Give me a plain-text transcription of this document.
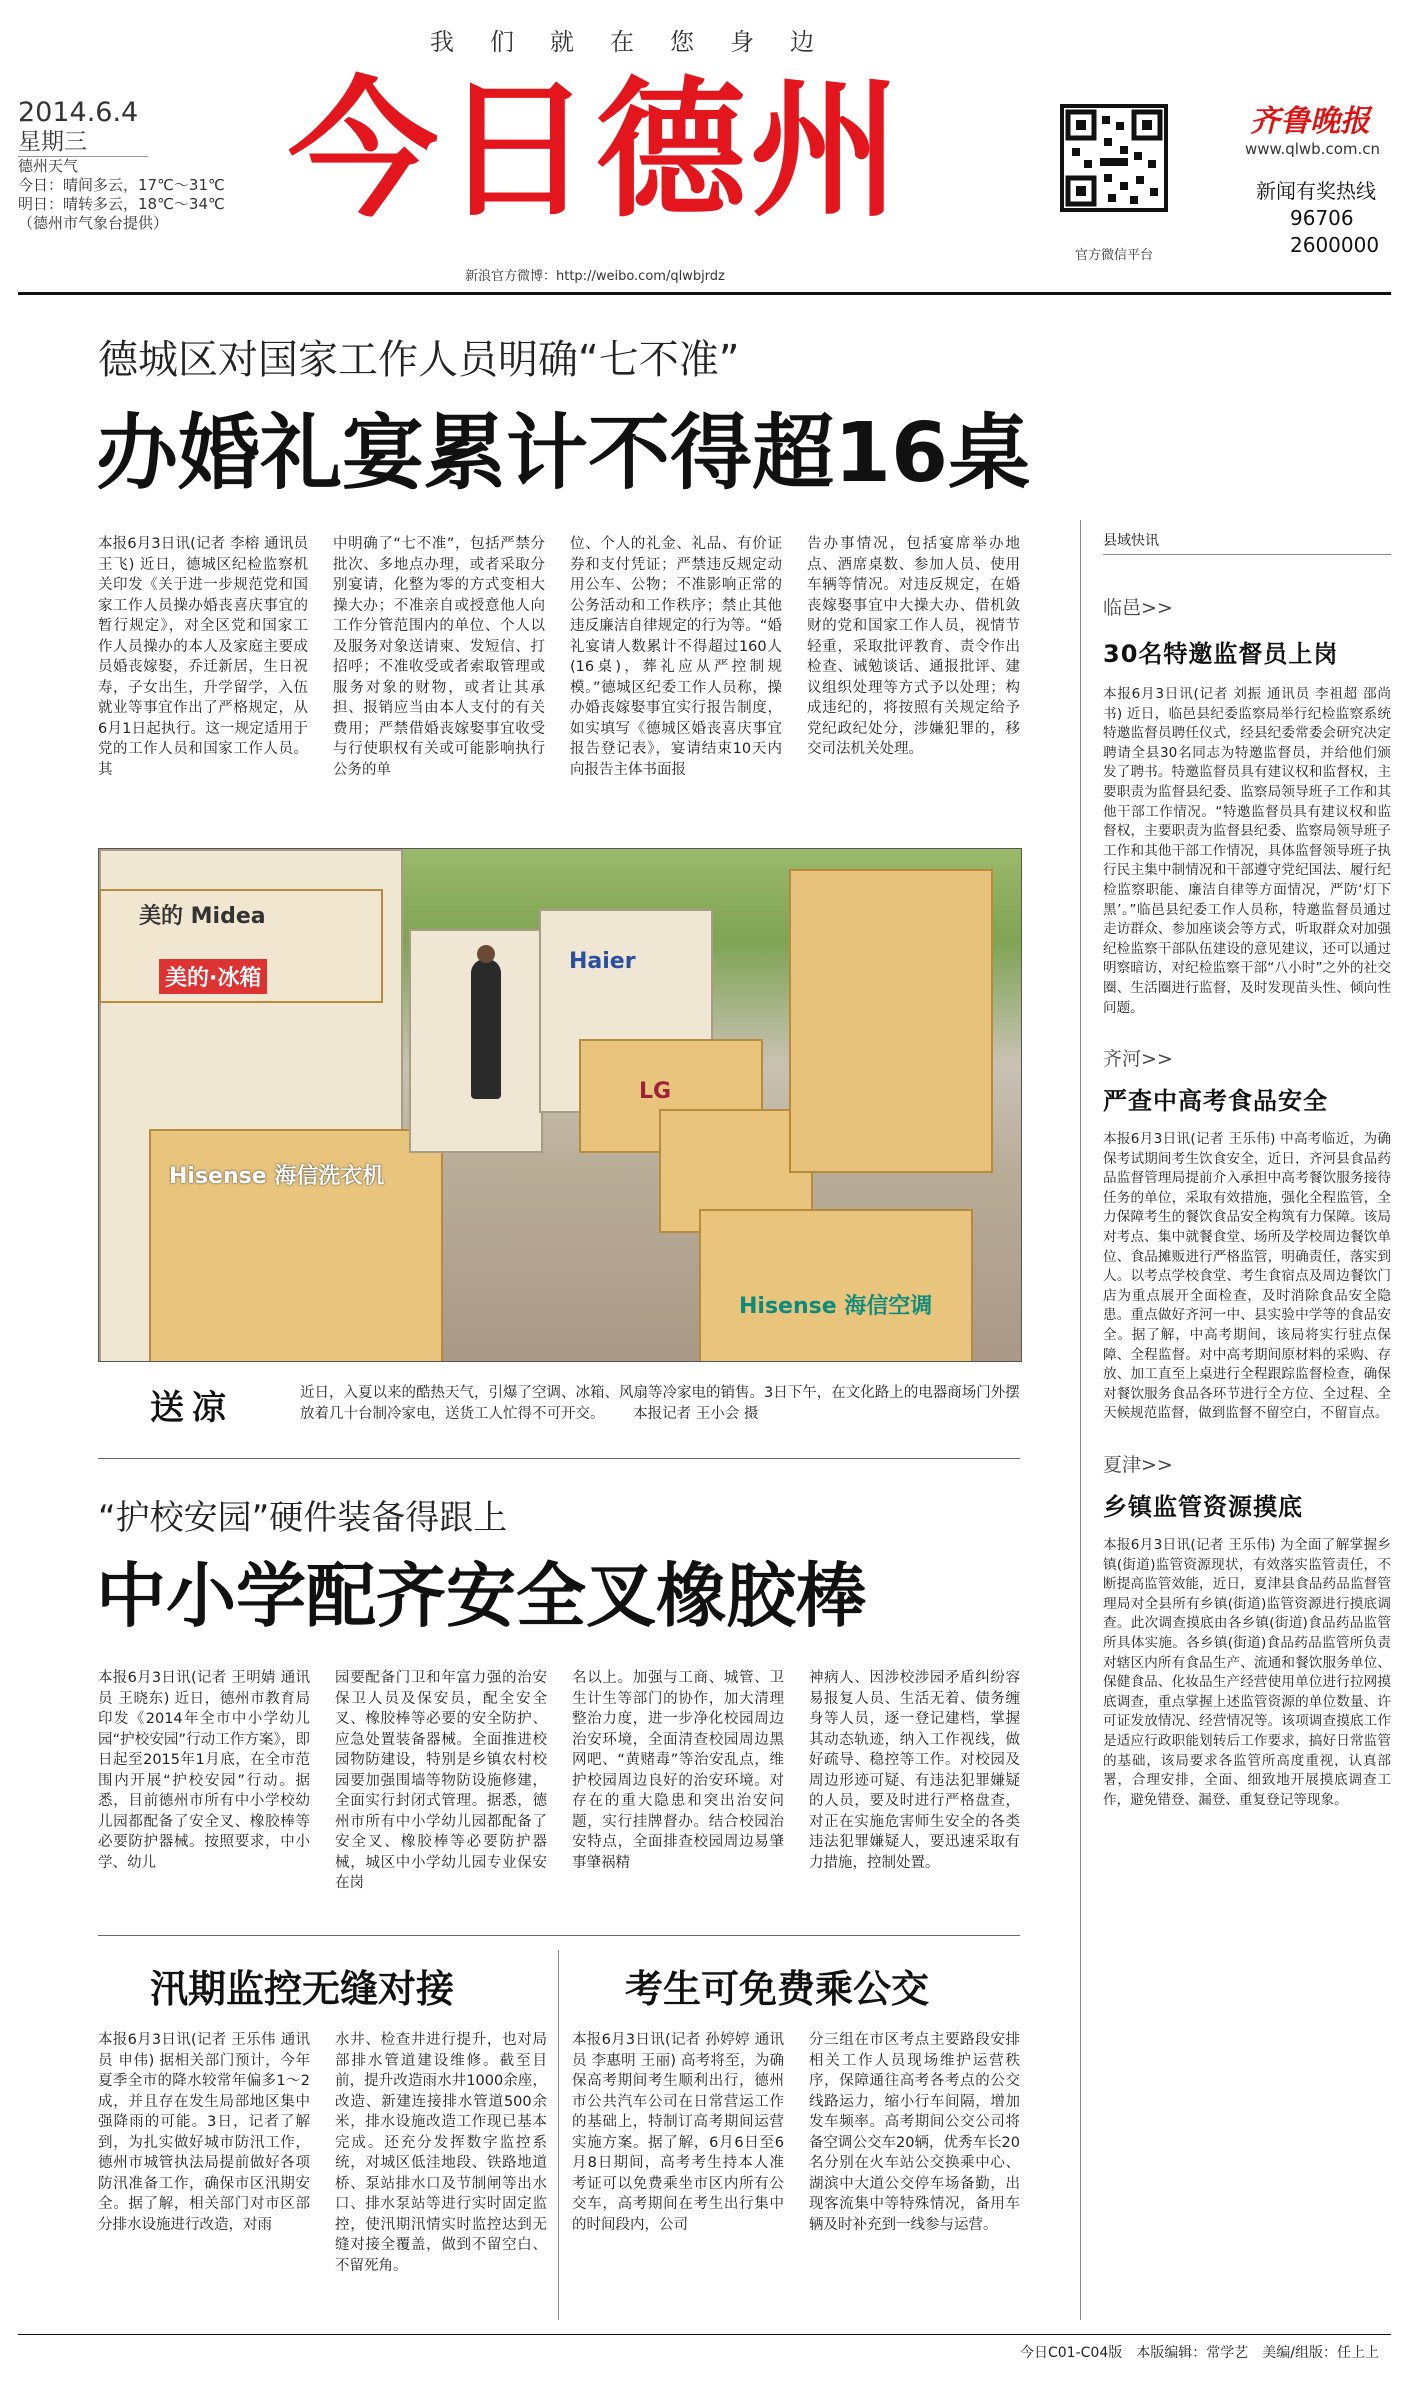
我们就在您身边
2014.6.4
星期三
德州天气
今日：晴间多云，17℃～31℃
明日：晴转多云，18℃～34℃
（德州市气象台提供） 今日德州
新浪官方微博：http://weibo.com/qlwbjrdz
官方微信平台
齐鲁晚报
www.qlwb.com.cn
新闻有奖热线
96706
2600000
德城区对国家工作人员明确“七不准”
办婚礼宴累计不得超16桌
本报6月3日讯(记者 李榕 通讯员 王飞) 近日，德城区纪检监察机关印发《关于进一步规范党和国家工作人员操办婚丧喜庆事宜的暂行规定》，对全区党和国家工作人员操办的本人及家庭主要成员婚丧嫁娶，乔迁新居，生日祝寿，子女出生，升学留学，入伍就业等事宜作出了严格规定，从6月1日起执行。这一规定适用于党的工作人员和国家工作人员。其
中明确了“七不准”，包括严禁分批次、多地点办理，或者采取分别宴请，化整为零的方式变相大操大办；不准亲自或授意他人向工作分管范围内的单位、个人以及服务对象送请柬、发短信、打招呼；不准收受或者索取管理或服务对象的财物，或者让其承担、报销应当由本人支付的有关费用；严禁借婚丧嫁娶事宜收受与行使职权有关或可能影响执行公务的单
位、个人的礼金、礼品、有价证券和支付凭证；严禁违反规定动用公车、公物；不准影响正常的公务活动和工作秩序；禁止其他违反廉洁自律规定的行为等。“婚礼宴请人数累计不得超过160人(16桌)，葬礼应从严控制规模。”德城区纪委工作人员称，操办婚丧嫁娶事宜实行报告制度，如实填写《德城区婚丧喜庆事宜报告登记表》，宴请结束10天内向报告主体书面报
告办事情况，包括宴席举办地点、酒席桌数、参加人员、使用车辆等情况。对违反规定，在婚丧嫁娶事宜中大操大办、借机敛财的党和国家工作人员，视情节轻重，采取批评教育、责令作出检查、诫勉谈话、通报批评、建议组织处理等方式予以处理；构成违纪的，将按照有关规定给予党纪政纪处分，涉嫌犯罪的，移交司法机关处理。
美的 Midea
美的·冰箱
Hisense 海信洗衣机
Haier
LG
Hisense 海信空调
送凉	近日，入夏以来的酷热天气，引爆了空调、冰箱、风扇等冷家电的销售。3日下午，在文化路上的电器商场门外摆放着几十台制冷家电，送货工人忙得不可开交。 本报记者 王小会 摄
“护校安园”硬件装备得跟上
中小学配齐安全叉橡胶棒
本报6月3日讯(记者 王明婧 通讯员 王晓东) 近日，德州市教育局印发《2014年全市中小学幼儿园“护校安园”行动工作方案》，即日起至2015年1月底，在全市范围内开展“护校安园”行动。据悉，目前德州市所有中小学校幼儿园都配备了安全叉、橡胶棒等必要防护器械。按照要求，中小学、幼儿
园要配备门卫和年富力强的治安保卫人员及保安员，配全安全叉、橡胶棒等必要的安全防护、应急处置装备器械。全面推进校园物防建设，特别是乡镇农村校园要加强围墙等物防设施修建，全面实行封闭式管理。据悉，德州市所有中小学幼儿园都配备了安全叉、橡胶棒等必要防护器械，城区中小学幼儿园专业保安在岗
名以上。加强与工商、城管、卫生计生等部门的协作，加大清理整治力度，进一步净化校园周边治安环境，全面清查校园周边黑网吧、“黄赌毒”等治安乱点，维护校园周边良好的治安环境。对存在的重大隐患和突出治安问题，实行挂牌督办。结合校园治安特点，全面排查校园周边易肇事肇祸精
神病人、因涉校涉园矛盾纠纷容易报复人员、生活无着、债务缠身等人员，逐一登记建档，掌握其动态轨迹，纳入工作视线，做好疏导、稳控等工作。对校园及周边形迹可疑、有违法犯罪嫌疑的人员，要及时进行严格盘查，对正在实施危害师生安全的各类违法犯罪嫌疑人，要迅速采取有力措施，控制处置。
汛期监控无缝对接
本报6月3日讯(记者 王乐伟 通讯员 申伟) 据相关部门预计，今年夏季全市的降水较常年偏多1～2成，并且存在发生局部地区集中强降雨的可能。3日，记者了解到，为扎实做好城市防汛工作，德州市城管执法局提前做好各项防汛准备工作，确保市区汛期安全。据了解，相关部门对市区部分排水设施进行改造，对雨
水井、检查井进行提升，也对局部排水管道建设维修。截至目前，提升改造雨水井1000余座，改造、新建连接排水管道500余米，排水设施改造工作现已基本完成。还充分发挥数字监控系统，对城区低洼地段、铁路地道桥、泵站排水口及节制闸等出水口、排水泵站等进行实时固定监控，使汛期汛情实时监控达到无缝对接全覆盖，做到不留空白、不留死角。
考生可免费乘公交
本报6月3日讯(记者 孙婷婷 通讯员 李惠明 王丽) 高考将至，为确保高考期间考生顺利出行，德州市公共汽车公司在日常营运工作的基础上，特制订高考期间运营实施方案。据了解，6月6日至6月8日期间，高考考生持本人准考证可以免费乘坐市区内所有公交车，高考期间在考生出行集中的时间段内，公司
分三组在市区考点主要路段安排相关工作人员现场维护运营秩序，保障通往高考各考点的公交线路运力，缩小行车间隔，增加发车频率。高考期间公交公司将备空调公交车20辆，优秀车长20名分别在火车站公交换乘中心、湖滨中大道公交停车场备勤，出现客流集中等特殊情况，备用车辆及时补充到一线参与运营。
县域快讯
临邑>>
30名特邀监督员上岗
本报6月3日讯(记者 刘振 通讯员 李祖超 邵尚书) 近日，临邑县纪委监察局举行纪检监察系统特邀监督员聘任仪式，经县纪委常委会研究决定聘请全县30名同志为特邀监督员，并给他们颁发了聘书。特邀监督员具有建议权和监督权，主要职责为监督县纪委、监察局领导班子工作和其他干部工作情况。“特邀监督员具有建议权和监督权，主要职责为监督县纪委、监察局领导班子工作和其他干部工作情况，具体监督领导班子执行民主集中制情况和干部遵守党纪国法、履行纪检监察职能、廉洁自律等方面情况，严防‘灯下黑’。”临邑县纪委工作人员称，特邀监督员通过走访群众、参加座谈会等方式，听取群众对加强纪检监察干部队伍建设的意见建议，还可以通过明察暗访，对纪检监察干部“八小时”之外的社交圈、生活圈进行监督，及时发现苗头性、倾向性问题。
齐河>>
严查中高考食品安全
本报6月3日讯(记者 王乐伟) 中高考临近，为确保考试期间考生饮食安全，近日，齐河县食品药品监督管理局提前介入承担中高考餐饮服务接待任务的单位，采取有效措施，强化全程监管，全力保障考生的餐饮食品安全构筑有力保障。该局对考点、集中就餐食堂、场所及学校周边餐饮单位、食品摊贩进行严格监管，明确责任，落实到人。以考点学校食堂、考生食宿点及周边餐饮门店为重点展开全面检查，及时消除食品安全隐患。重点做好齐河一中、县实验中学等的食品安全。据了解，中高考期间，该局将实行驻点保障、全程监督。对中高考期间原材料的采购、存放、加工直至上桌进行全程跟踪监督检查，确保对餐饮服务食品各环节进行全方位、全过程、全天候规范监督，做到监督不留空白，不留盲点。
夏津>>
乡镇监管资源摸底
本报6月3日讯(记者 王乐伟) 为全面了解掌握乡镇(街道)监管资源现状，有效落实监管责任，不断提高监管效能，近日，夏津县食品药品监督管理局对全县所有乡镇(街道)监管资源进行摸底调查。此次调查摸底由各乡镇(街道)食品药品监管所具体实施。各乡镇(街道)食品药品监管所负责对辖区内所有食品生产、流通和餐饮服务单位、保健食品、化妆品生产经营使用单位进行拉网摸底调查，重点掌握上述监管资源的单位数量、许可证发放情况、经营情况等。该项调查摸底工作是适应行政职能划转后工作要求，搞好日常监管的基础，该局要求各监管所高度重视，认真部署，合理安排，全面、细致地开展摸底调查工作，避免错登、漏登、重复登记等现象。
今日C01-C04版　本版编辑：常学艺　美编/组版：任上上
